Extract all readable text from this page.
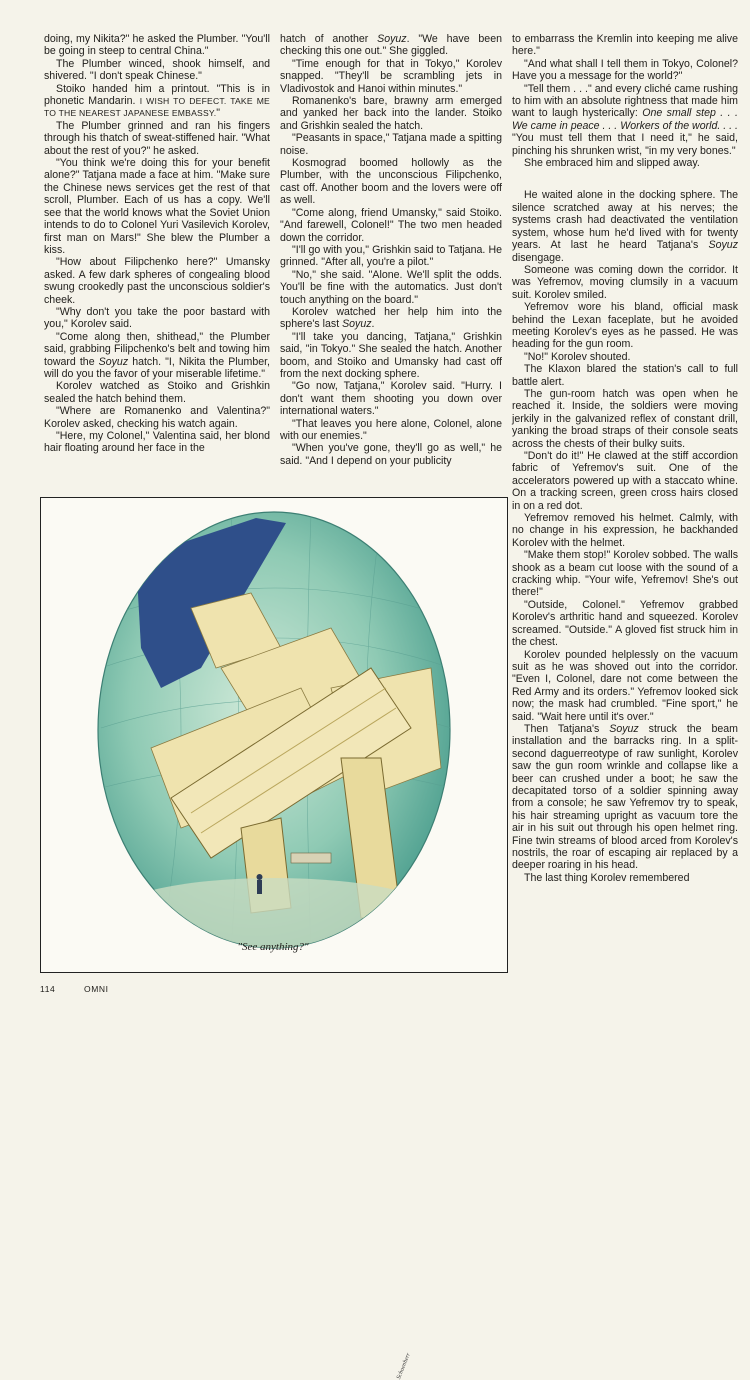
doing, my Nikita?" he asked the Plumber. "You'll be going in steep to central China."

The Plumber winced, shook himself, and shivered. "I don't speak Chinese."

Stoiko handed him a printout. "This is in phonetic Mandarin. I WISH TO DEFECT. TAKE ME TO THE NEAREST JAPANESE EMBASSY."

The Plumber grinned and ran his fingers through his thatch of sweat-stiffened hair. "What about the rest of you?" he asked.

"You think we're doing this for your benefit alone?" Tatjana made a face at him. "Make sure the Chinese news services get the rest of that scroll, Plumber. Each of us has a copy. We'll see that the world knows what the Soviet Union intends to do to Colonel Yuri Vasilevich Korolev, first man on Mars!" She blew the Plumber a kiss.

"How about Filipchenko here?" Umansky asked. A few dark spheres of congealing blood swung crookedly past the unconscious soldier's cheek.

"Why don't you take the poor bastard with you," Korolev said.

"Come along then, shithead," the Plumber said, grabbing Filipchenko's belt and towing him toward the Soyuz hatch. "I, Nikita the Plumber, will do you the favor of your miserable lifetime."

Korolev watched as Stoiko and Grishkin sealed the hatch behind them.

"Where are Romanenko and Valentina?" Korolev asked, checking his watch again.

"Here, my Colonel," Valentina said, her blond hair floating around her face in the

hatch of another Soyuz. "We have been checking this one out." She giggled.

"Time enough for that in Tokyo," Korolev snapped. "They'll be scrambling jets in Vladivostok and Hanoi within minutes."

Romanenko's bare, brawny arm emerged and yanked her back into the lander. Stoiko and Grishkin sealed the hatch.

"Peasants in space," Tatjana made a spitting noise.

Kosmograd boomed hollowly as the Plumber, with the unconscious Filipchenko, cast off. Another boom and the lovers were off as well.

"Come along, friend Umansky," said Stoiko. "And farewell, Colonel!" The two men headed down the corridor.

"I'll go with you," Grishkin said to Tatjana. He grinned. "After all, you're a pilot."

"No," she said. "Alone. We'll split the odds. You'll be fine with the automatics. Just don't touch anything on the board."

Korolev watched her help him into the sphere's last Soyuz.

"I'll take you dancing, Tatjana," Grishkin said, "in Tokyo." She sealed the hatch. Another boom, and Stoiko and Umansky had cast off from the next docking sphere.

"Go now, Tatjana," Korolev said. "Hurry. I don't want them shooting you down over international waters."

"That leaves you here alone, Colonel, alone with our enemies."

"When you've gone, they'll go as well," he said. "And I depend on your publicity

to embarrass the Kremlin into keeping me alive here."

"And what shall I tell them in Tokyo, Colonel? Have you a message for the world?"

"Tell them . . ." and every cliché came rushing to him with an absolute rightness that made him want to laugh hysterically: One small step . . . We came in peace . . . Workers of the world. . . . "You must tell them that I need it," he said, pinching his shrunken wrist, "in my very bones."

She embraced him and slipped away.

He waited alone in the docking sphere. The silence scratched away at his nerves; the systems crash had deactivated the ventilation system, whose hum he'd lived with for twenty years. At last he heard Tatjana's Soyuz disengage.

Someone was coming down the corridor. It was Yefremov, moving clumsily in a vacuum suit. Korolev smiled.

Yefremov wore his bland, official mask behind the Lexan faceplate, but he avoided meeting Korolev's eyes as he passed. He was heading for the gun room.

"No!" Korolev shouted.

The Klaxon blared the station's call to full battle alert.

The gun-room hatch was open when he reached it. Inside, the soldiers were moving jerkily in the galvanized reflex of constant drill, yanking the broad straps of their console seats across the chests of their bulky suits.

"Don't do it!" He clawed at the stiff accordion fabric of Yefremov's suit. One of the accelerators powered up with a staccato whine. On a tracking screen, green cross hairs closed in on a red dot.

Yefremov removed his helmet. Calmly, with no change in his expression, he backhanded Korolev with the helmet.

"Make them stop!" Korolev sobbed. The walls shook as a beam cut loose with the sound of a cracking whip. "Your wife, Yefremov! She's out there!"

"Outside, Colonel." Yefremov grabbed Korolev's arthritic hand and squeezed. Korolev screamed. "Outside." A gloved fist struck him in the chest.

Korolev pounded helplessly on the vacuum suit as he was shoved out into the corridor. "Even I, Colonel, dare not come between the Red Army and its orders." Yefremov looked sick now; the mask had crumbled. "Fine sport," he said. "Wait here until it's over."

Then Tatjana's Soyuz struck the beam installation and the barracks ring. In a split-second daguerreotype of raw sunlight, Korolev saw the gun room wrinkle and collapse like a beer can crushed under a boot; he saw the decapitated torso of a soldier spinning away from a console; he saw Yefremov try to speak, his hair streaming upright as vacuum tore the air in his suit out through his open helmet ring. Fine twin streams of blood arced from Korolev's nostrils, the roar of escaping air replaced by a deeper roaring in his head.

The last thing Korolev remembered

Schoenherr
"See anything?"
114	OMNI
